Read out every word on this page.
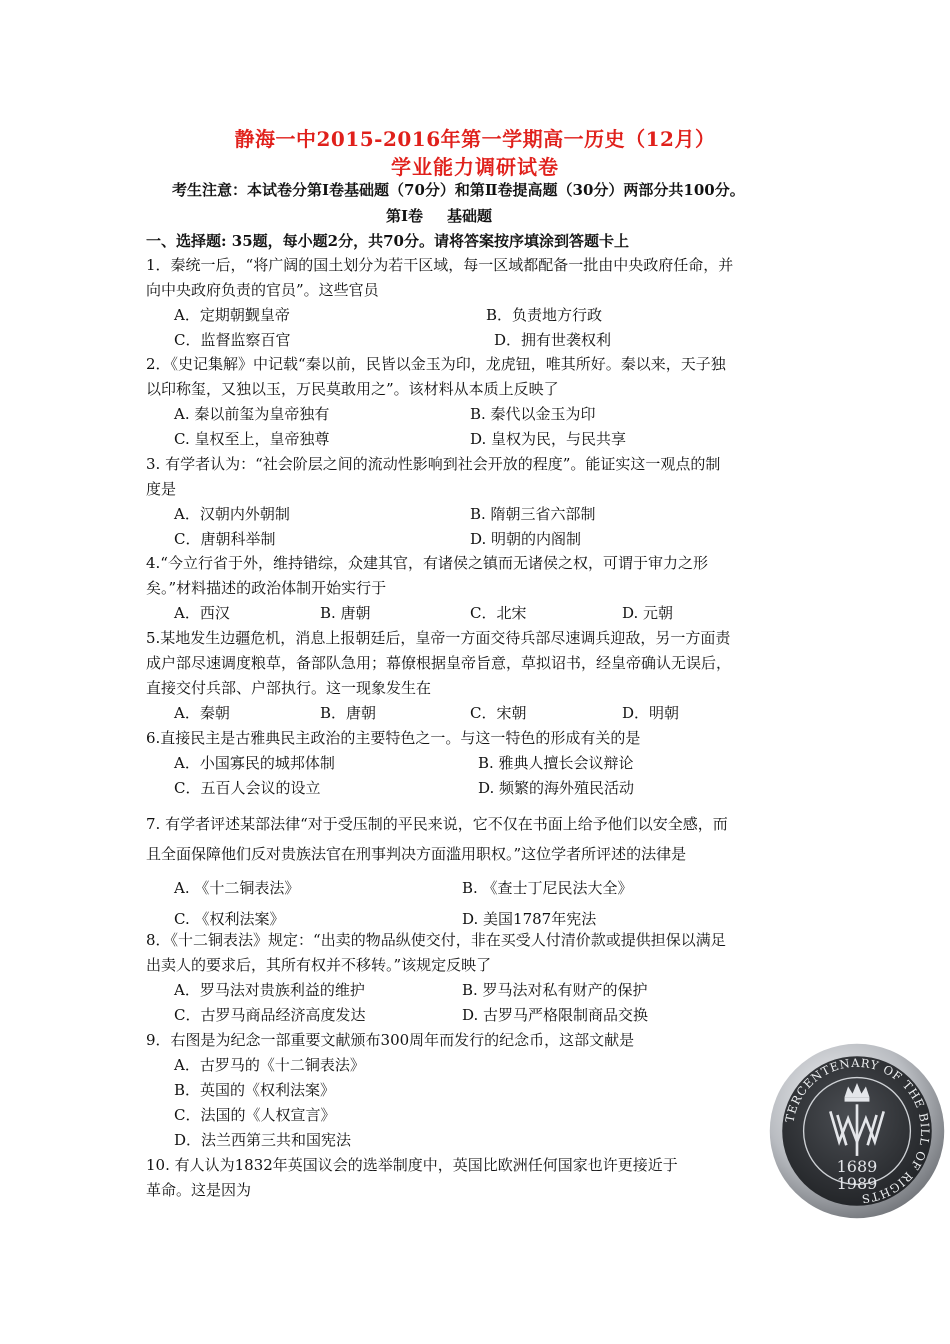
静海一中2015-2016年第一学期高一历史（12月）
学业能力调研试卷
考生注意：本试卷分第Ⅰ卷基础题（70分）和第Ⅱ卷提高题（30分）两部分共100分。
第Ⅰ卷 基础题
一、选择题: 35题，每小题2分，共70分。请将答案按序填涂到答题卡上
1．秦统一后，“将广阔的国土划分为若干区域，每一区域都配备一批由中央政府任命，并
向中央政府负责的官员”。这些官员
A．定期朝觐皇帝	B．负责地方行政
C．监督监察百官	D．拥有世袭权利
2．《史记集解》中记载“秦以前，民皆以金玉为印，龙虎钮，唯其所好。秦以来，天子独
以印称玺，又独以玉，万民莫敢用之”。该材料从本质上反映了
A. 秦以前玺为皇帝独有	B. 秦代以金玉为印
C. 皇权至上，皇帝独尊	D. 皇权为民，与民共享
3. 有学者认为：“社会阶层之间的流动性影响到社会开放的程度”。能证实这一观点的制
度是
A．汉朝内外朝制	B. 隋朝三省六部制
C．唐朝科举制	D. 明朝的内阁制
4.“今立行省于外，维持错综，众建其官，有诸侯之镇而无诸侯之权，可谓于审力之形
矣。”材料描述的政治体制开始实行于
A．西汉	B. 唐朝	C．北宋	D. 元朝
5.某地发生边疆危机，消息上报朝廷后，皇帝一方面交待兵部尽速调兵迎敌，另一方面责
成户部尽速调度粮草，备部队急用；幕僚根据皇帝旨意，草拟诏书，经皇帝确认无误后，
直接交付兵部、户部执行。这一现象发生在
A．秦朝	B．唐朝	C．宋朝	D．明朝
6.直接民主是古雅典民主政治的主要特色之一。与这一特色的形成有关的是
A．小国寡民的城邦体制	B. 雅典人擅长会议辩论
C．五百人会议的设立	D. 频繁的海外殖民活动
7. 有学者评述某部法律“对于受压制的平民来说，它不仅在书面上给予他们以安全感，而
且全面保障他们反对贵族法官在刑事判决方面滥用职权。”这位学者所评述的法律是
A. 《十二铜表法》	B. 《查士丁尼民法大全》
C. 《权利法案》	D. 美国1787年宪法
8．《十二铜表法》规定：“出卖的物品纵使交付，非在买受人付清价款或提供担保以满足
出卖人的要求后，其所有权并不移转。”该规定反映了
A．罗马法对贵族利益的维护	B. 罗马法对私有财产的保护
C．古罗马商品经济高度发达	D. 古罗马严格限制商品交换
9．右图是为纪念一部重要文献颁布300周年而发行的纪念币，这部文献是
A．古罗马的《十二铜表法》
B．英国的《权利法案》
C．法国的《人权宣言》
D．法兰西第三共和国宪法
10. 有人认为1832年英国议会的选举制度中，英国比欧洲任何国家也许更接近于
革命。这是因为
TERCENTENARY OF THE BILL OF RIGHTS
1689
1989
